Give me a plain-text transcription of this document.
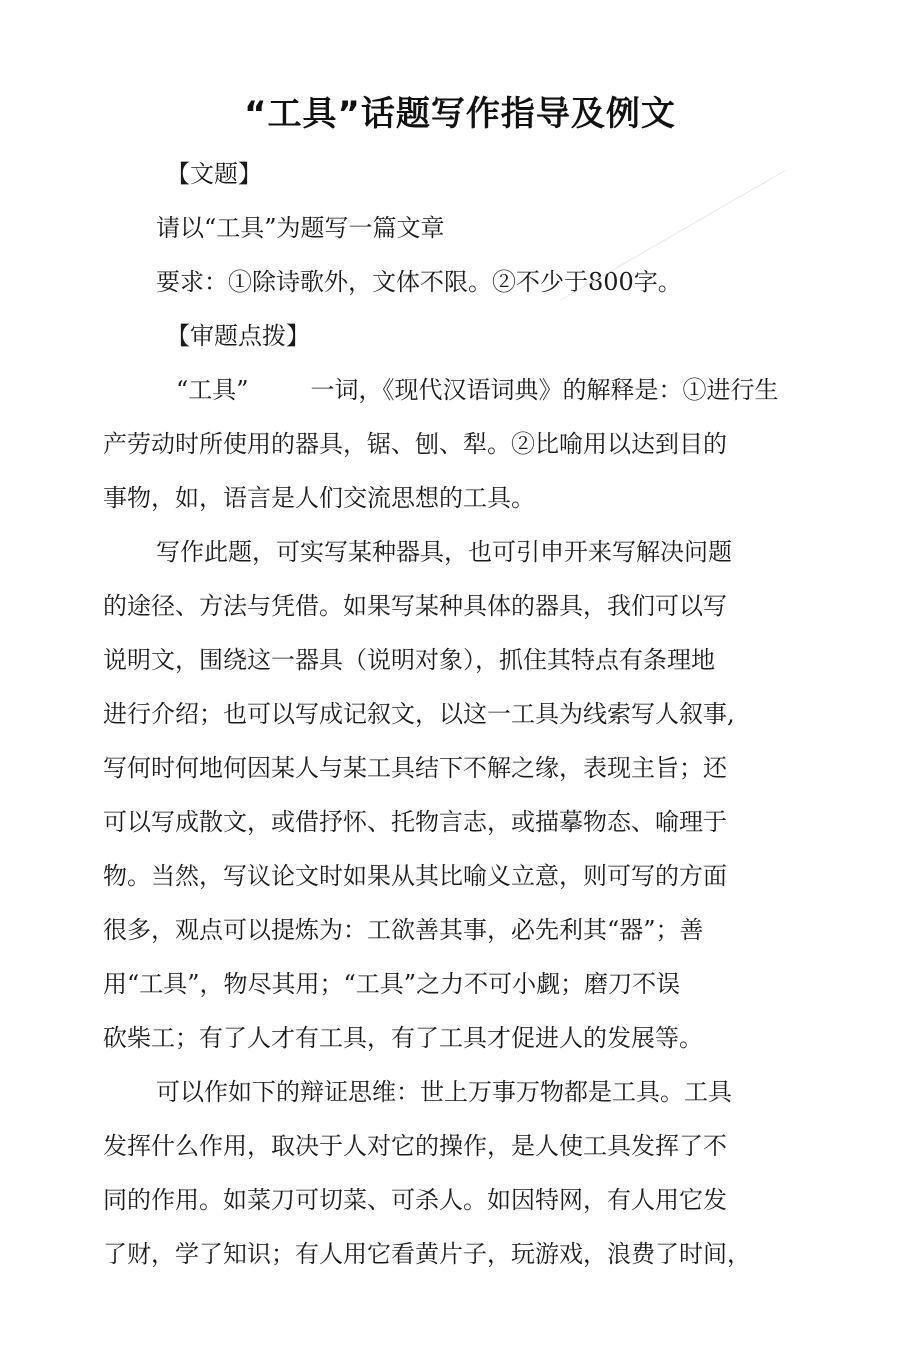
“工具”话题写作指导及例文
【文题】
请以“工具”为题写一篇文章
要求：①除诗歌外，文体不限。②不少于800字。
【审题点拨】
“工具”	一词，《现代汉语词典》的解释是：①进行生
产劳动时所使用的器具，锯、刨、犁。②比喻用以达到目的
事物，如，语言是人们交流思想的工具。
写作此题，可实写某种器具，也可引申开来写解决问题
的途径、方法与凭借。如果写某种具体的器具，我们可以写
说明文，围绕这一器具（说明对象），抓住其特点有条理地
进行介绍；也可以写成记叙文，以这一工具为线索写人叙事,
写何时何地何因某人与某工具结下不解之缘，表现主旨；还
可以写成散文，或借抒怀、托物言志，或描摹物态、喻理于
物。当然，写议论文时如果从其比喻义立意，则可写的方面
很多，观点可以提炼为：工欲善其事，必先利其“器”；善
用“工具”，物尽其用；“工具”之力不可小觑；磨刀不误
砍柴工；有了人才有工具，有了工具才促进人的发展等。
可以作如下的辩证思维：世上万事万物都是工具。工具
发挥什么作用，取决于人对它的操作，是人使工具发挥了不
同的作用。如菜刀可切菜、可杀人。如因特网，有人用它发
了财，学了知识；有人用它看黄片子，玩游戏，浪费了时间，
